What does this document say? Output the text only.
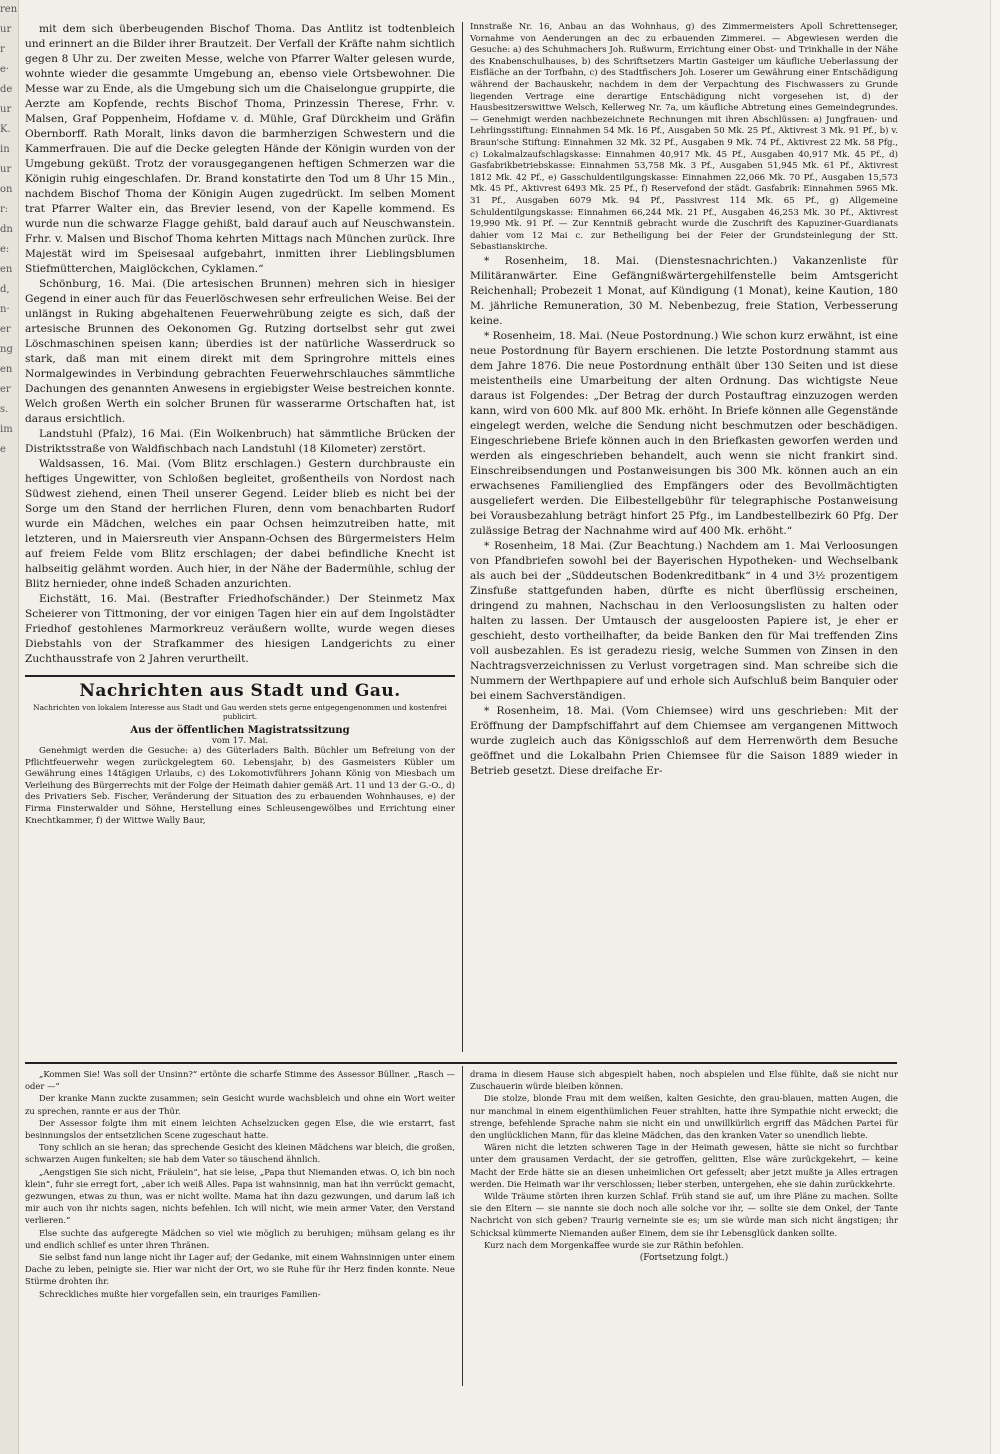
ren
ur
r
e·
de
ur
K.
in
ur
on
r:
dn
e:
en
d,
n·
er
ng
en
er
s.
im
e

mit dem sich überbeugenden Bischof Thoma. Das Antlitz ist todtenbleich und erinnert an die Bilder ihrer Brautzeit. Der Verfall der Kräfte nahm sichtlich gegen 8 Uhr zu. Der zweiten Messe, welche von Pfarrer Walter gelesen wurde, wohnte wieder die gesammte Umgebung an, ebenso viele Ortsbewohner. Die Messe war zu Ende, als die Umgebung sich um die Chaiselongue gruppirte, die Aerzte am Kopfende, rechts Bischof Thoma, Prinzessin Therese, Frhr. v. Malsen, Graf Poppenheim, Hofdame v. d. Mühle, Graf Dürckheim und Gräfin Obernborff. Rath Moralt, links davon die barmherzigen Schwestern und die Kammerfrauen. Die auf die Decke gelegten Hände der Königin wurden von der Umgebung geküßt. Trotz der vorausgegangenen heftigen Schmerzen war die Königin ruhig eingeschlafen. Dr. Brand konstatirte den Tod um 8 Uhr 15 Min., nachdem Bischof Thoma der Königin Augen zugedrückt. Im selben Moment trat Pfarrer Walter ein, das Brevier lesend, von der Kapelle kommend. Es wurde nun die schwarze Flagge gehißt, bald darauf auch auf Neuschwanstein. Frhr. v. Malsen und Bischof Thoma kehrten Mittags nach München zurück. Ihre Majestät wird im Speisesaal aufgebahrt, inmitten ihrer Lieblingsblumen Stiefmütterchen, Maiglöckchen, Cyklamen.“

Schönburg, 16. Mai. (Die artesischen Brunnen) mehren sich in hiesiger Gegend in einer auch für das Feuerlöschwesen sehr erfreulichen Weise. Bei der unlängst in Ruking abgehaltenen Feuerwehrübung zeigte es sich, daß der artesische Brunnen des Oekonomen Gg. Rutzing dortselbst sehr gut zwei Löschmaschinen speisen kann; überdies ist der natürliche Wasserdruck so stark, daß man mit einem direkt mit dem Springrohre mittels eines Normalgewindes in Verbindung gebrachten Feuerwehrschlauches sämmtliche Dachungen des genannten Anwesens in ergiebigster Weise bestreichen konnte. Welch großen Werth ein solcher Brunen für wasserarme Ortschaften hat, ist daraus ersichtlich.

Landstuhl (Pfalz), 16 Mai. (Ein Wolkenbruch) hat sämmtliche Brücken der Distriktsstraße von Waldfischbach nach Landstuhl (18 Kilometer) zerstört.

Waldsassen, 16. Mai. (Vom Blitz erschlagen.) Gestern durchbrauste ein heftiges Ungewitter, von Schloßen begleitet, großentheils von Nordost nach Südwest ziehend, einen Theil unserer Gegend. Leider blieb es nicht bei der Sorge um den Stand der herrlichen Fluren, denn vom benachbarten Rudorf wurde ein Mädchen, welches ein paar Ochsen heimzutreiben hatte, mit letzteren, und in Maiersreuth vier Anspann-Ochsen des Bürgermeisters Helm auf freiem Felde vom Blitz erschlagen; der dabei befindliche Knecht ist halbseitig gelähmt worden. Auch hier, in der Nähe der Badermühle, schlug der Blitz hernieder, ohne indeß Schaden anzurichten.

Eichstätt, 16. Mai. (Bestrafter Friedhofschänder.) Der Steinmetz Max Scheierer von Tittmoning, der vor einigen Tagen hier ein auf dem Ingolstädter Friedhof gestohlenes Marmorkreuz veräußern wollte, wurde wegen dieses Diebstahls von der Strafkammer des hiesigen Landgerichts zu einer Zuchthausstrafe von 2 Jahren verurtheilt.

Nachrichten aus Stadt und Gau.
Nachrichten von lokalem Interesse aus Stadt und Gau werden stets gerne entgegengenommen und kostenfrei publicirt.
Aus der öffentlichen Magistratssitzung
vom 17. Mai.

Genehmigt werden die Gesuche: a) des Güterladers Balth. Büchler um Befreiung von der Pflichtfeuerwehr wegen zurückgelegtem 60. Lebensjahr, b) des Gasmeisters Kübler um Gewährung eines 14tägigen Urlaubs, c) des Lokomotivführers Johann König von Miesbach um Verleihung des Bürgerrechts mit der Folge der Heimath dahier gemäß Art. 11 und 13 der G.-O., d) des Privatiers Seb. Fischer, Veränderung der Situation des zu erbauenden Wohnhauses, e) der Firma Finsterwalder und Söhne, Herstellung eines Schleusengewölbes und Errichtung einer Knechtkammer, f) der Wittwe Wally Baur,

Innstraße Nr. 16, Anbau an das Wohnhaus, g) des Zimmermeisters Apoll Schrettenseger, Vornahme von Aenderungen an dec zu erbauenden Zimmerei. — Abgewiesen werden die Gesuche: a) des Schuhmachers Joh. Rußwurm, Errichtung einer Obst- und Trinkhalle in der Nähe des Knabenschulhauses, b) des Schriftsetzers Martin Gasteiger um käufliche Ueberlassung der Eisfläche an der Torfbahn, c) des Stadtfischers Joh. Loserer um Gewährung einer Entschädigung während der Bachauskehr, nachdem in dem der Verpachtung des Fischwassers zu Grunde liegenden Vertrage eine derartige Entschädigung nicht vorgesehen ist, d) der Hausbesitzerswittwe Welsch, Kellerweg Nr. 7a, um käufliche Abtretung eines Gemeindegrundes. — Genehmigt werden nachbezeichnete Rechnungen mit ihren Abschlüssen: a) Jungfrauen- und Lehrlingsstiftung: Einnahmen 54 Mk. 16 Pf., Ausgaben 50 Mk. 25 Pf., Aktivrest 3 Mk. 91 Pf., b) v. Braun'sche Stiftung: Einnahmen 32 Mk. 32 Pf., Ausgaben 9 Mk. 74 Pf., Aktivrest 22 Mk. 58 Pfg., c) Lokalmalzaufschlagskasse: Einnahmen 40,917 Mk. 45 Pf., Ausgaben 40,917 Mk. 45 Pf., d) Gasfabrikbetriebskasse: Einnahmen 53,758 Mk. 3 Pf., Ausgaben 51,945 Mk. 61 Pf., Aktivrest 1812 Mk. 42 Pf., e) Gasschuldentilgungskasse: Einnahmen 22,066 Mk. 70 Pf., Ausgaben 15,573 Mk. 45 Pf., Aktivrest 6493 Mk. 25 Pf., f) Reservefond der städt. Gasfabrik: Einnahmen 5965 Mk. 31 Pf., Ausgaben 6079 Mk. 94 Pf., Passivrest 114 Mk. 65 Pf., g) Allgemeine Schuldentilgungskasse: Einnahmen 66,244 Mk. 21 Pf., Ausgaben 46,253 Mk. 30 Pf., Aktivrest 19,990 Mk. 91 Pf. — Zur Kenntniß gebracht wurde die Zuschrift des Kapuziner-Guardianats dahier vom 12 Mai c. zur Betheiligung bei der Feier der Grundsteinlegung der Stt. Sebastianskirche.

* Rosenheim, 18. Mai. (Dienstesnachrichten.) Vakanzenliste für Militäranwärter. Eine Gefängnißwärtergehilfenstelle beim Amtsgericht Reichenhall; Probezeit 1 Monat, auf Kündigung (1 Monat), keine Kaution, 180 M. jährliche Remuneration, 30 M. Nebenbezug, freie Station, Verbesserung keine.

* Rosenheim, 18. Mai. (Neue Postordnung.) Wie schon kurz erwähnt, ist eine neue Postordnung für Bayern erschienen. Die letzte Postordnung stammt aus dem Jahre 1876. Die neue Postordnung enthält über 130 Seiten und ist diese meistentheils eine Umarbeitung der alten Ordnung. Das wichtigste Neue daraus ist Folgendes: „Der Betrag der durch Postauftrag einzuzogen werden kann, wird von 600 Mk. auf 800 Mk. erhöht. In Briefe können alle Gegenstände eingelegt werden, welche die Sendung nicht beschmutzen oder beschädigen. Eingeschriebene Briefe können auch in den Briefkasten geworfen werden und werden als eingeschrieben behandelt, auch wenn sie nicht frankirt sind. Einschreibsendungen und Postanweisungen bis 300 Mk. können auch an ein erwachsenes Familienglied des Empfängers oder des Bevollmächtigten ausgeliefert werden. Die Eilbestellgebühr für telegraphische Postanweisung bei Vorausbezahlung beträgt hinfort 25 Pfg., im Landbestellbezirk 60 Pfg. Der zulässige Betrag der Nachnahme wird auf 400 Mk. erhöht.“

* Rosenheim, 18 Mai. (Zur Beachtung.) Nachdem am 1. Mai Verloosungen von Pfandbriefen sowohl bei der Bayerischen Hypotheken- und Wechselbank als auch bei der „Süddeutschen Bodenkreditbank“ in 4 und 3½ prozentigem Zinsfuße stattgefunden haben, dürfte es nicht überflüssig erscheinen, dringend zu mahnen, Nachschau in den Verloosungslisten zu halten oder halten zu lassen. Der Umtausch der ausgeloosten Papiere ist, je eher er geschieht, desto vortheilhafter, da beide Banken den für Mai treffenden Zins voll ausbezahlen. Es ist geradezu riesig, welche Summen von Zinsen in den Nachtragsverzeichnissen zu Verlust vorgetragen sind. Man schreibe sich die Nummern der Werthpapiere auf und erhole sich Aufschluß beim Banquier oder bei einem Sachverständigen.

* Rosenheim, 18. Mai. (Vom Chiemsee) wird uns geschrieben: Mit der Eröffnung der Dampfschiffahrt auf dem Chiemsee am vergangenen Mittwoch wurde zugleich auch das Königsschloß auf dem Herrenwörth dem Besuche geöffnet und die Lokalbahn Prien Chiemsee für die Saison 1889 wieder in Betrieb gesetzt. Diese dreifache Er-

„Kommen Sie! Was soll der Unsinn?“ ertönte die scharfe Stimme des Assessor Büllner. „Rasch — oder —“

Der kranke Mann zuckte zusammen; sein Gesicht wurde wachsbleich und ohne ein Wort weiter zu sprechen, rannte er aus der Thür.

Der Assessor folgte ihm mit einem leichten Achselzucken gegen Else, die wie erstarrt, fast besinnungslos der entsetzlichen Scene zugeschaut hatte.

Tony schlich an sie heran; das sprechende Gesicht des kleinen Mädchens war bleich, die großen, schwarzen Augen funkelten; sie hab dem Vater so täuschend ähnlich.

„Aengstigen Sie sich nicht, Fräulein“, hat sie leise, „Papa thut Niemanden etwas. O, ich bin noch klein“, fuhr sie erregt fort, „aber ich weiß Alles. Papa ist wahnsinnig, man hat ihn verrückt gemacht, gezwungen, etwas zu thun, was er nicht wollte. Mama hat ihn dazu gezwungen, und darum laß ich mir auch von ihr nichts sagen, nichts befehlen. Ich will nicht, wie mein armer Vater, den Verstand verlieren.“

Else suchte das aufgeregte Mädchen so viel wie möglich zu beruhigen; mühsam gelang es ihr und endlich schlief es unter ihren Thränen.

Sie selbst fand nun lange nicht ihr Lager auf; der Gedanke, mit einem Wahnsinnigen unter einem Dache zu leben, peinigte sie. Hier war nicht der Ort, wo sie Ruhe für ihr Herz finden konnte. Neue Stürme drohten ihr.

Schreckliches mußte hier vorgefallen sein, ein trauriges Familien-

drama in diesem Hause sich abgespielt haben, noch abspielen und Else fühlte, daß sie nicht nur Zuschauerin würde bleiben können.

Die stolze, blonde Frau mit dem weißen, kalten Gesichte, den grau-blauen, matten Augen, die nur manchmal in einem eigenthümlichen Feuer strahlten, hatte ihre Sympathie nicht erweckt; die strenge, befehlende Sprache nahm sie nicht ein und unwillkürlich ergriff das Mädchen Partei für den unglücklichen Mann, für das kleine Mädchen, das den kranken Vater so unendlich liebte.

Wären nicht die letzten schweren Tage in der Heimath gewesen, hätte sie nicht so furchtbar unter dem grausamen Verdacht, der sie getroffen, gelitten, Else wäre zurückgekehrt, — keine Macht der Erde hätte sie an diesen unheimlichen Ort gefesselt; aber jetzt mußte ja Alles ertragen werden. Die Heimath war ihr verschlossen; lieber sterben, untergehen, ehe sie dahin zurückkehrte.

Wilde Träume störten ihren kurzen Schlaf. Früh stand sie auf, um ihre Pläne zu machen. Sollte sie den Eltern — sie nannte sie doch noch alle solche vor ihr, — sollte sie dem Onkel, der Tante Nachricht von sich geben? Traurig verneinte sie es; um sie würde man sich nicht ängstigen; ihr Schicksal kümmerte Niemanden außer Einem, dem sie ihr Lebensglück danken sollte.

Kurz nach dem Morgenkaffee wurde sie zur Räthin befohlen.

(Fortsetzung folgt.)
